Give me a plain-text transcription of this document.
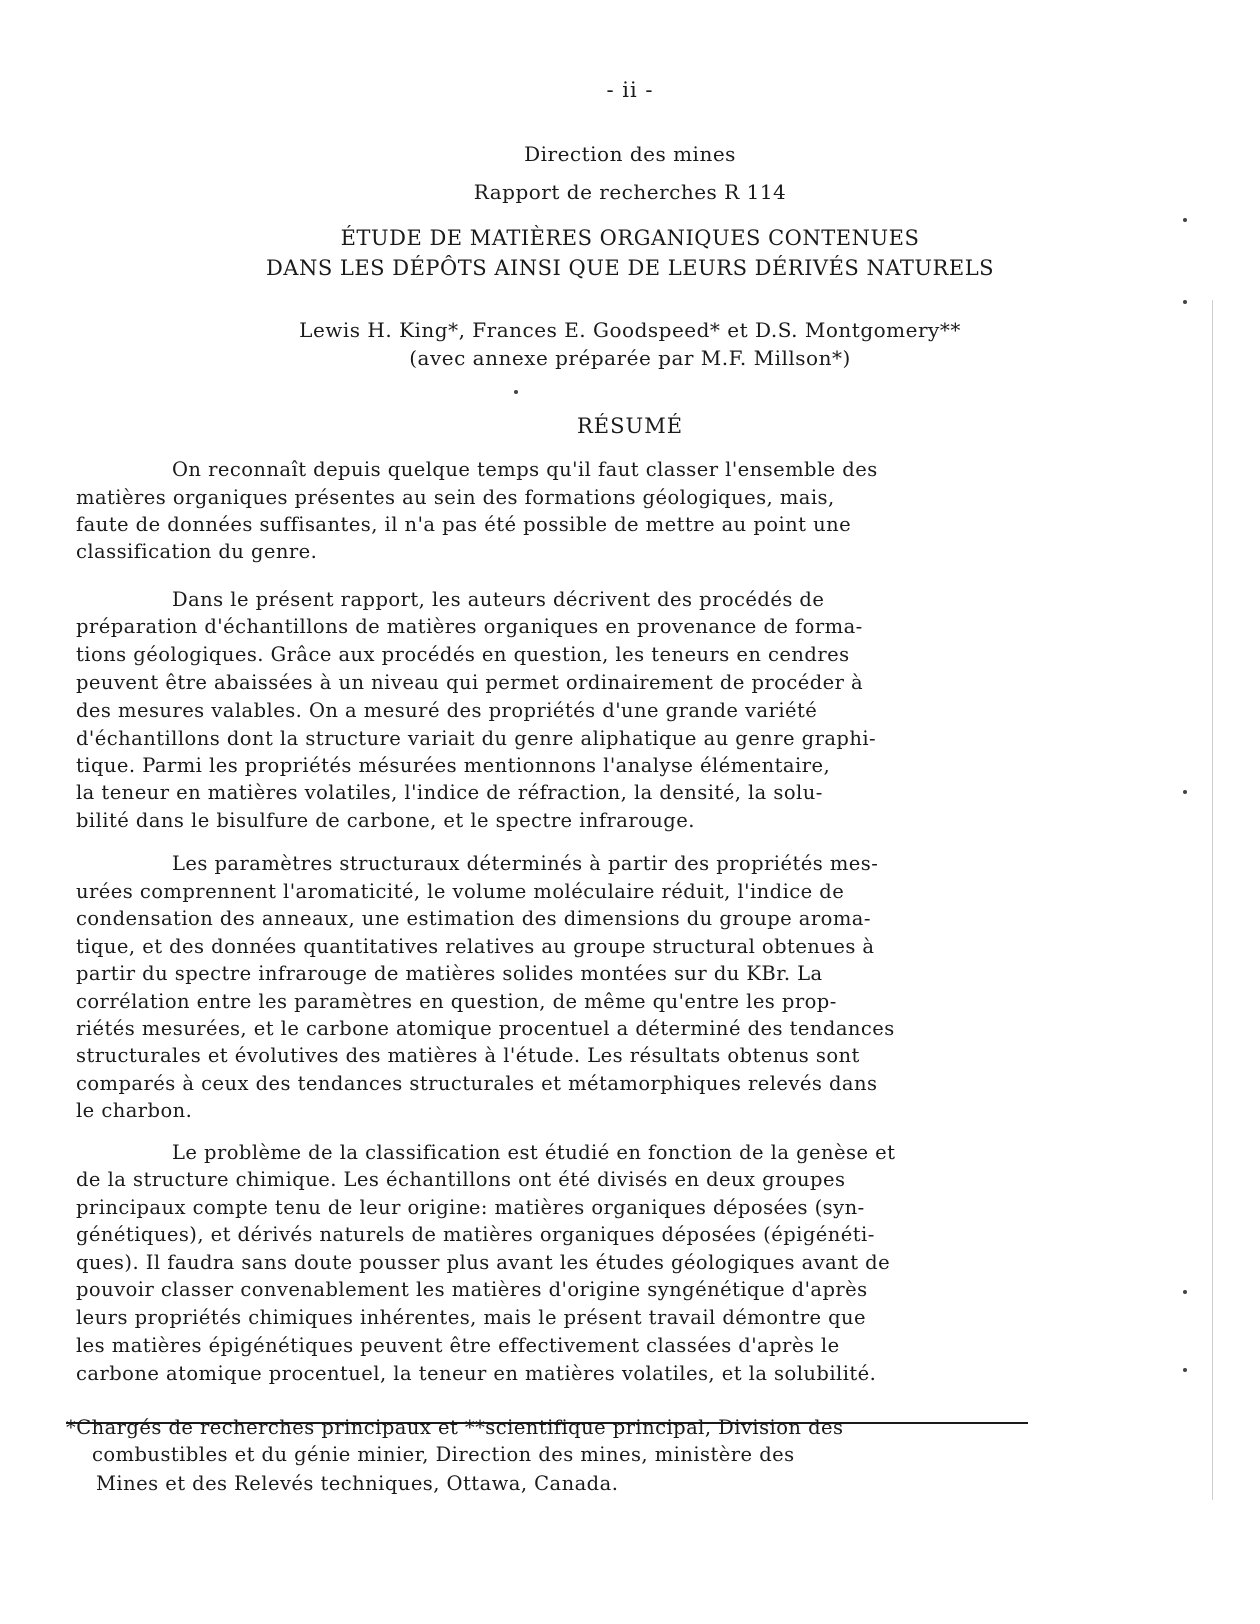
- ii -
Direction des mines
Rapport de recherches R 114
ÉTUDE DE MATIÈRES ORGANIQUES CONTENUES
DANS LES DÉPÔTS AINSI QUE DE LEURS DÉRIVÉS NATURELS
Lewis H. King*, Frances E. Goodspeed* et D.S. Montgomery**
(avec annexe préparée par M.F. Millson*)
RÉSUMÉ
On reconnaît depuis quelque temps qu'il faut classer l'ensemble des
matières organiques présentes au sein des formations géologiques, mais,
faute de données suffisantes, il n'a pas été possible de mettre au point une
classification du genre.
Dans le présent rapport, les auteurs décrivent des procédés de
préparation d'échantillons de matières organiques en provenance de forma-
tions géologiques. Grâce aux procédés en question, les teneurs en cendres
peuvent être abaissées à un niveau qui permet ordinairement de procéder à
des mesures valables. On a mesuré des propriétés d'une grande variété
d'échantillons dont la structure variait du genre aliphatique au genre graphi-
tique. Parmi les propriétés mésurées mentionnons l'analyse élémentaire,
la teneur en matières volatiles, l'indice de réfraction, la densité, la solu-
bilité dans le bisulfure de carbone, et le spectre infrarouge.
Les paramètres structuraux déterminés à partir des propriétés mes-
urées comprennent l'aromaticité, le volume moléculaire réduit, l'indice de
condensation des anneaux, une estimation des dimensions du groupe aroma-
tique, et des données quantitatives relatives au groupe structural obtenues à
partir du spectre infrarouge de matières solides montées sur du KBr. La
corrélation entre les paramètres en question, de même qu'entre les prop-
riétés mesurées, et le carbone atomique procentuel a déterminé des tendances
structurales et évolutives des matières à l'étude. Les résultats obtenus sont
comparés à ceux des tendances structurales et métamorphiques relevés dans
le charbon.
Le problème de la classification est étudié en fonction de la genèse et
de la structure chimique. Les échantillons ont été divisés en deux groupes
principaux compte tenu de leur origine: matières organiques déposées (syn-
génétiques), et dérivés naturels de matières organiques déposées (épigénéti-
ques). Il faudra sans doute pousser plus avant les études géologiques avant de
pouvoir classer convenablement les matières d'origine syngénétique d'après
leurs propriétés chimiques inhérentes, mais le présent travail démontre que
les matières épigénétiques peuvent être effectivement classées d'après le
carbone atomique procentuel, la teneur en matières volatiles, et la solubilité.
*Chargés de recherches principaux et **scientifique principal, Division des
combustibles et du génie minier, Direction des mines, ministère des
Mines et des Relevés techniques, Ottawa, Canada.
